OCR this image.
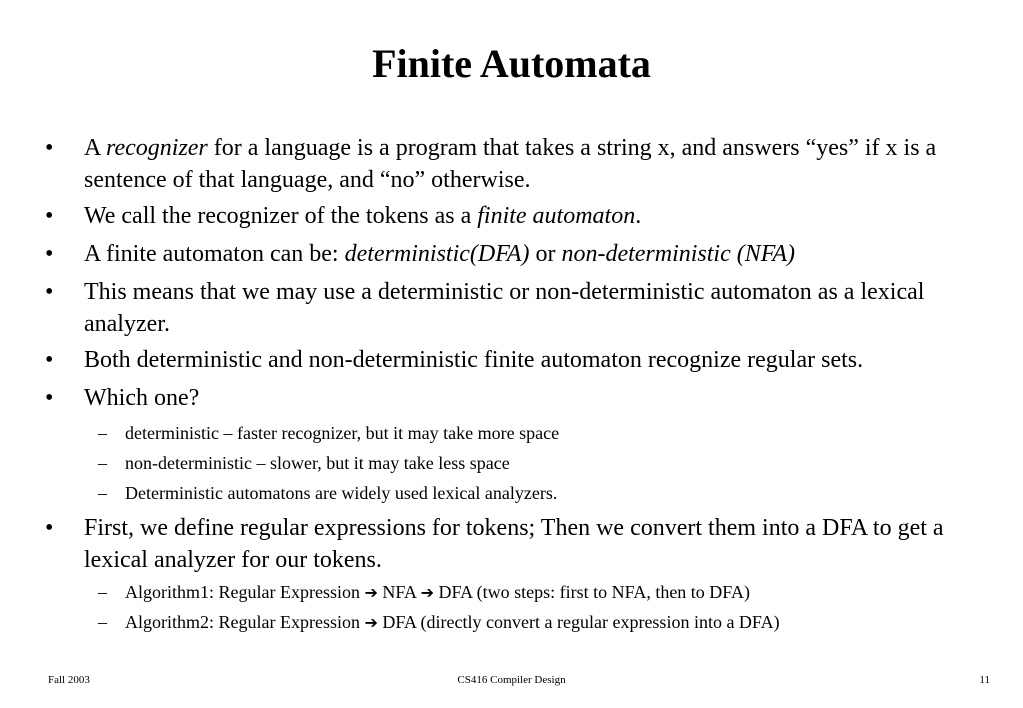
Finite Automata
• A recognizer for a language is a program that takes a string x, and answers “yes” if x is a sentence of that language, and “no” otherwise.
• We call the recognizer of the tokens as a finite automaton.
• A finite automaton can be: deterministic(DFA) or non-deterministic (NFA)
• This means that we may use a deterministic or non-deterministic automaton as a lexical analyzer.
• Both deterministic and non-deterministic finite automaton recognize regular sets.
• Which one?
– deterministic – faster recognizer, but it may take more space
– non-deterministic – slower, but it may take less space
– Deterministic automatons are widely used lexical analyzers.
• First, we define regular expressions for tokens; Then we convert them into a DFA to get a lexical analyzer for our tokens.
– Algorithm1: Regular Expression ➔ NFA ➔ DFA (two steps: first to NFA, then to DFA)
– Algorithm2: Regular Expression ➔ DFA (directly convert a regular expression into a DFA)
Fall 2003	CS416 Compiler Design	11
